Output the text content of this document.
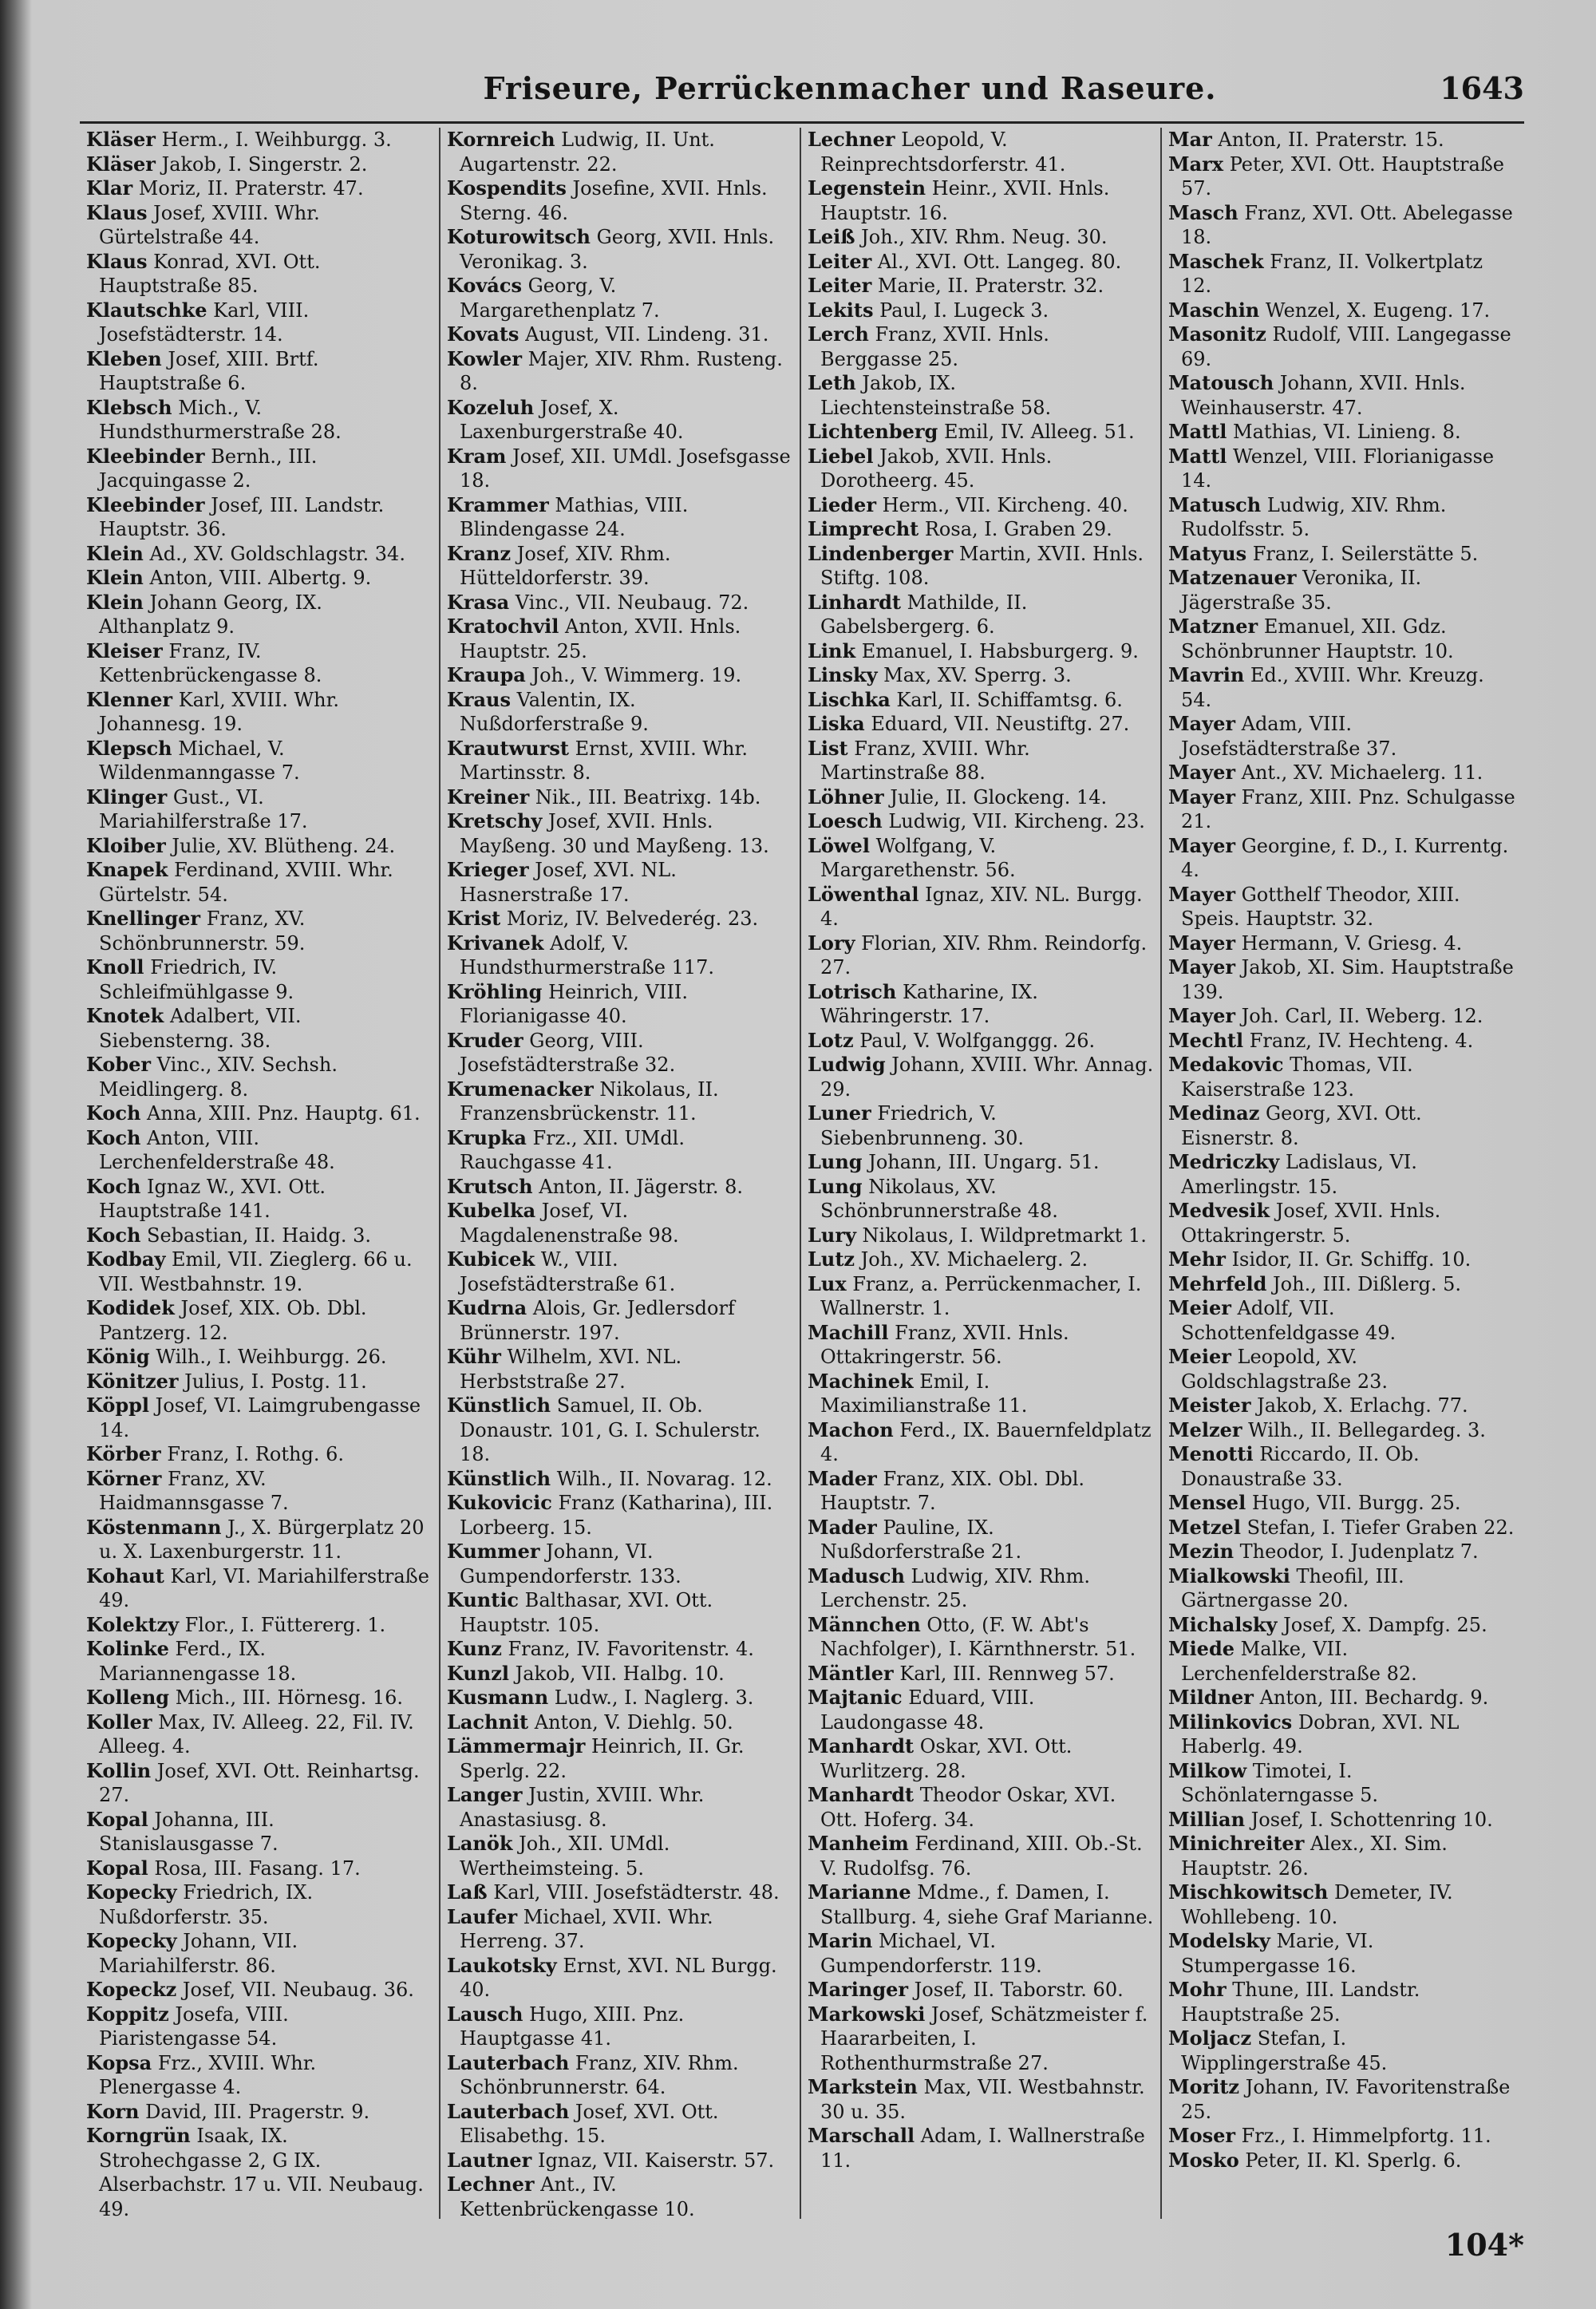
Friseure, Perrückenmacher und Raseure.	1643
Kläser Herm., I. Weihburgg. 3.
Kläser Jakob, I. Singerstr. 2.
Klar Moriz, II. Praterstr. 47.
Klaus Josef, XVIII. Whr. Gürtelstraße 44.
Klaus Konrad, XVI. Ott. Hauptstraße 85.
Klautschke Karl, VIII. Josefstädterstr. 14.
Kleben Josef, XIII. Brtf. Hauptstraße 6.
Klebsch Mich., V. Hundsthurmerstraße 28.
Kleebinder Bernh., III. Jacquingasse 2.
Kleebinder Josef, III. Landstr. Hauptstr. 36.
Klein Ad., XV. Goldschlagstr. 34.
Klein Anton, VIII. Albertg. 9.
Klein Johann Georg, IX. Althanplatz 9.
Kleiser Franz, IV. Kettenbrückengasse 8.
Klenner Karl, XVIII. Whr. Johannesg. 19.
Klepsch Michael, V. Wildenmanngasse 7.
Klinger Gust., VI. Mariahilferstraße 17.
Kloiber Julie, XV. Blütheng. 24.
Knapek Ferdinand, XVIII. Whr. Gürtelstr. 54.
Knellinger Franz, XV. Schönbrunnerstr. 59.
Knoll Friedrich, IV. Schleifmühlgasse 9.
Knotek Adalbert, VII. Siebensterng. 38.
Kober Vinc., XIV. Sechsh. Meidlingerg. 8.
Koch Anna, XIII. Pnz. Hauptg. 61.
Koch Anton, VIII. Lerchenfelderstraße 48.
Koch Ignaz W., XVI. Ott. Hauptstraße 141.
Koch Sebastian, II. Haidg. 3.
Kodbay Emil, VII. Zieglerg. 66 u. VII. Westbahnstr. 19.
Kodidek Josef, XIX. Ob. Dbl. Pantzerg. 12.
König Wilh., I. Weihburgg. 26.
Könitzer Julius, I. Postg. 11.
Köppl Josef, VI. Laimgrubengasse 14.
Körber Franz, I. Rothg. 6.
Körner Franz, XV. Haidmannsgasse 7.
Köstenmann J., X. Bürgerplatz 20 u. X. Laxenburgerstr. 11.
Kohaut Karl, VI. Mariahilferstraße 49.
Kolektzy Flor., I. Füttererg. 1.
Kolinke Ferd., IX. Mariannengasse 18.
Kolleng Mich., III. Hörnesg. 16.
Koller Max, IV. Alleeg. 22, Fil. IV. Alleeg. 4.
Kollin Josef, XVI. Ott. Reinhartsg. 27.
Kopal Johanna, III. Stanislausgasse 7.
Kopal Rosa, III. Fasang. 17.
Kopecky Friedrich, IX. Nußdorferstr. 35.
Kopecky Johann, VII. Mariahilferstr. 86.
Kopeckz Josef, VII. Neubaug. 36.
Koppitz Josefa, VIII. Piaristengasse 54.
Kopsa Frz., XVIII. Whr. Plenergasse 4.
Korn David, III. Pragerstr. 9.
Korngrün Isaak, IX. Strohechgasse 2, G IX. Alserbachstr. 17 u. VII. Neubaug. 49.
Kornreich Ludwig, II. Unt. Augartenstr. 22.
Kospendits Josefine, XVII. Hnls. Sterng. 46.
Koturowitsch Georg, XVII. Hnls. Veronikag. 3.
Kovács Georg, V. Margarethenplatz 7.
Kovats August, VII. Lindeng. 31.
Kowler Majer, XIV. Rhm. Rusteng. 8.
Kozeluh Josef, X. Laxenburgerstraße 40.
Kram Josef, XII. UMdl. Josefsgasse 18.
Krammer Mathias, VIII. Blindengasse 24.
Kranz Josef, XIV. Rhm. Hütteldorferstr. 39.
Krasa Vinc., VII. Neubaug. 72.
Kratochvil Anton, XVII. Hnls. Hauptstr. 25.
Kraupa Joh., V. Wimmerg. 19.
Kraus Valentin, IX. Nußdorferstraße 9.
Krautwurst Ernst, XVIII. Whr. Martinsstr. 8.
Kreiner Nik., III. Beatrixg. 14b.
Kretschy Josef, XVII. Hnls. Mayßeng. 30 und Mayßeng. 13.
Krieger Josef, XVI. NL. Hasnerstraße 17.
Krist Moriz, IV. Belvederég. 23.
Krivanek Adolf, V. Hundsthurmerstraße 117.
Kröhling Heinrich, VIII. Florianigasse 40.
Kruder Georg, VIII. Josefstädterstraße 32.
Krumenacker Nikolaus, II. Franzensbrückenstr. 11.
Krupka Frz., XII. UMdl. Rauchgasse 41.
Krutsch Anton, II. Jägerstr. 8.
Kubelka Josef, VI. Magdalenenstraße 98.
Kubicek W., VIII. Josefstädterstraße 61.
Kudrna Alois, Gr. Jedlersdorf Brünnerstr. 197.
Kühr Wilhelm, XVI. NL. Herbststraße 27.
Künstlich Samuel, II. Ob. Donaustr. 101, G. I. Schulerstr. 18.
Künstlich Wilh., II. Novarag. 12.
Kukovicic Franz (Katharina), III. Lorbeerg. 15.
Kummer Johann, VI. Gumpendorferstr. 133.
Kuntic Balthasar, XVI. Ott. Hauptstr. 105.
Kunz Franz, IV. Favoritenstr. 4.
Kunzl Jakob, VII. Halbg. 10.
Kusmann Ludw., I. Naglerg. 3.
Lachnit Anton, V. Diehlg. 50.
Lämmermajr Heinrich, II. Gr. Sperlg. 22.
Langer Justin, XVIII. Whr. Anastasiusg. 8.
Lanök Joh., XII. UMdl. Wertheimsteing. 5.
Laß Karl, VIII. Josefstädterstr. 48.
Laufer Michael, XVII. Whr. Herreng. 37.
Laukotsky Ernst, XVI. NL Burgg. 40.
Lausch Hugo, XIII. Pnz. Hauptgasse 41.
Lauterbach Franz, XIV. Rhm. Schönbrunnerstr. 64.
Lauterbach Josef, XVI. Ott. Elisabethg. 15.
Lautner Ignaz, VII. Kaiserstr. 57.
Lechner Ant., IV. Kettenbrückengasse 10.
Lechner Leopold, V. Reinprechtsdorferstr. 41.
Legenstein Heinr., XVII. Hnls. Hauptstr. 16.
Leiß Joh., XIV. Rhm. Neug. 30.
Leiter Al., XVI. Ott. Langeg. 80.
Leiter Marie, II. Praterstr. 32.
Lekits Paul, I. Lugeck 3.
Lerch Franz, XVII. Hnls. Berggasse 25.
Leth Jakob, IX. Liechtensteinstraße 58.
Lichtenberg Emil, IV. Alleeg. 51.
Liebel Jakob, XVII. Hnls. Dorotheerg. 45.
Lieder Herm., VII. Kircheng. 40.
Limprecht Rosa, I. Graben 29.
Lindenberger Martin, XVII. Hnls. Stiftg. 108.
Linhardt Mathilde, II. Gabelsbergerg. 6.
Link Emanuel, I. Habsburgerg. 9.
Linsky Max, XV. Sperrg. 3.
Lischka Karl, II. Schiffamtsg. 6.
Liska Eduard, VII. Neustiftg. 27.
List Franz, XVIII. Whr. Martinstraße 88.
Löhner Julie, II. Glockeng. 14.
Loesch Ludwig, VII. Kircheng. 23.
Löwel Wolfgang, V. Margarethenstr. 56.
Löwenthal Ignaz, XIV. NL. Burgg. 4.
Lory Florian, XIV. Rhm. Reindorfg. 27.
Lotrisch Katharine, IX. Währingerstr. 17.
Lotz Paul, V. Wolfganggg. 26.
Ludwig Johann, XVIII. Whr. Annag. 29.
Luner Friedrich, V. Siebenbrunneng. 30.
Lung Johann, III. Ungarg. 51.
Lung Nikolaus, XV. Schönbrunnerstraße 48.
Lury Nikolaus, I. Wildpretmarkt 1.
Lutz Joh., XV. Michaelerg. 2.
Lux Franz, a. Perrückenmacher, I. Wallnerstr. 1.
Machill Franz, XVII. Hnls. Ottakringerstr. 56.
Machinek Emil, I. Maximilianstraße 11.
Machon Ferd., IX. Bauernfeldplatz 4.
Mader Franz, XIX. Obl. Dbl. Hauptstr. 7.
Mader Pauline, IX. Nußdorferstraße 21.
Madusch Ludwig, XIV. Rhm. Lerchenstr. 25.
Männchen Otto, (F. W. Abt's Nachfolger), I. Kärnthnerstr. 51.
Mäntler Karl, III. Rennweg 57.
Majtanic Eduard, VIII. Laudongasse 48.
Manhardt Oskar, XVI. Ott. Wurlitzerg. 28.
Manhardt Theodor Oskar, XVI. Ott. Hoferg. 34.
Manheim Ferdinand, XIII. Ob.-St. V. Rudolfsg. 76.
Marianne Mdme., f. Damen, I. Stallburg. 4, siehe Graf Marianne.
Marin Michael, VI. Gumpendorferstr. 119.
Maringer Josef, II. Taborstr. 60.
Markowski Josef, Schätzmeister f. Haararbeiten, I. Rothenthurmstraße 27.
Markstein Max, VII. Westbahnstr. 30 u. 35.
Marschall Adam, I. Wallnerstraße 11.
Mar Anton, II. Praterstr. 15.
Marx Peter, XVI. Ott. Hauptstraße 57.
Masch Franz, XVI. Ott. Abelegasse 18.
Maschek Franz, II. Volkertplatz 12.
Maschin Wenzel, X. Eugeng. 17.
Masonitz Rudolf, VIII. Langegasse 69.
Matousch Johann, XVII. Hnls. Weinhauserstr. 47.
Mattl Mathias, VI. Linieng. 8.
Mattl Wenzel, VIII. Florianigasse 14.
Matusch Ludwig, XIV. Rhm. Rudolfsstr. 5.
Matyus Franz, I. Seilerstätte 5.
Matzenauer Veronika, II. Jägerstraße 35.
Matzner Emanuel, XII. Gdz. Schönbrunner Hauptstr. 10.
Mavrin Ed., XVIII. Whr. Kreuzg. 54.
Mayer Adam, VIII. Josefstädterstraße 37.
Mayer Ant., XV. Michaelerg. 11.
Mayer Franz, XIII. Pnz. Schulgasse 21.
Mayer Georgine, f. D., I. Kurrentg. 4.
Mayer Gotthelf Theodor, XIII. Speis. Hauptstr. 32.
Mayer Hermann, V. Griesg. 4.
Mayer Jakob, XI. Sim. Hauptstraße 139.
Mayer Joh. Carl, II. Weberg. 12.
Mechtl Franz, IV. Hechteng. 4.
Medakovic Thomas, VII. Kaiserstraße 123.
Medinaz Georg, XVI. Ott. Eisnerstr. 8.
Medriczky Ladislaus, VI. Amerlingstr. 15.
Medvesik Josef, XVII. Hnls. Ottakringerstr. 5.
Mehr Isidor, II. Gr. Schiffg. 10.
Mehrfeld Joh., III. Dißlerg. 5.
Meier Adolf, VII. Schottenfeldgasse 49.
Meier Leopold, XV. Goldschlagstraße 23.
Meister Jakob, X. Erlachg. 77.
Melzer Wilh., II. Bellegardeg. 3.
Menotti Riccardo, II. Ob. Donaustraße 33.
Mensel Hugo, VII. Burgg. 25.
Metzel Stefan, I. Tiefer Graben 22.
Mezin Theodor, I. Judenplatz 7.
Mialkowski Theofil, III. Gärtnergasse 20.
Michalsky Josef, X. Dampfg. 25.
Miede Malke, VII. Lerchenfelderstraße 82.
Mildner Anton, III. Bechardg. 9.
Milinkovics Dobran, XVI. NL Haberlg. 49.
Milkow Timotei, I. Schönlaterngasse 5.
Millian Josef, I. Schottenring 10.
Minichreiter Alex., XI. Sim. Hauptstr. 26.
Mischkowitsch Demeter, IV. Wohllebeng. 10.
Modelsky Marie, VI. Stumpergasse 16.
Mohr Thune, III. Landstr. Hauptstraße 25.
Moljacz Stefan, I. Wipplingerstraße 45.
Moritz Johann, IV. Favoritenstraße 25.
Moser Frz., I. Himmelpfortg. 11.
Mosko Peter, II. Kl. Sperlg. 6.
104*
